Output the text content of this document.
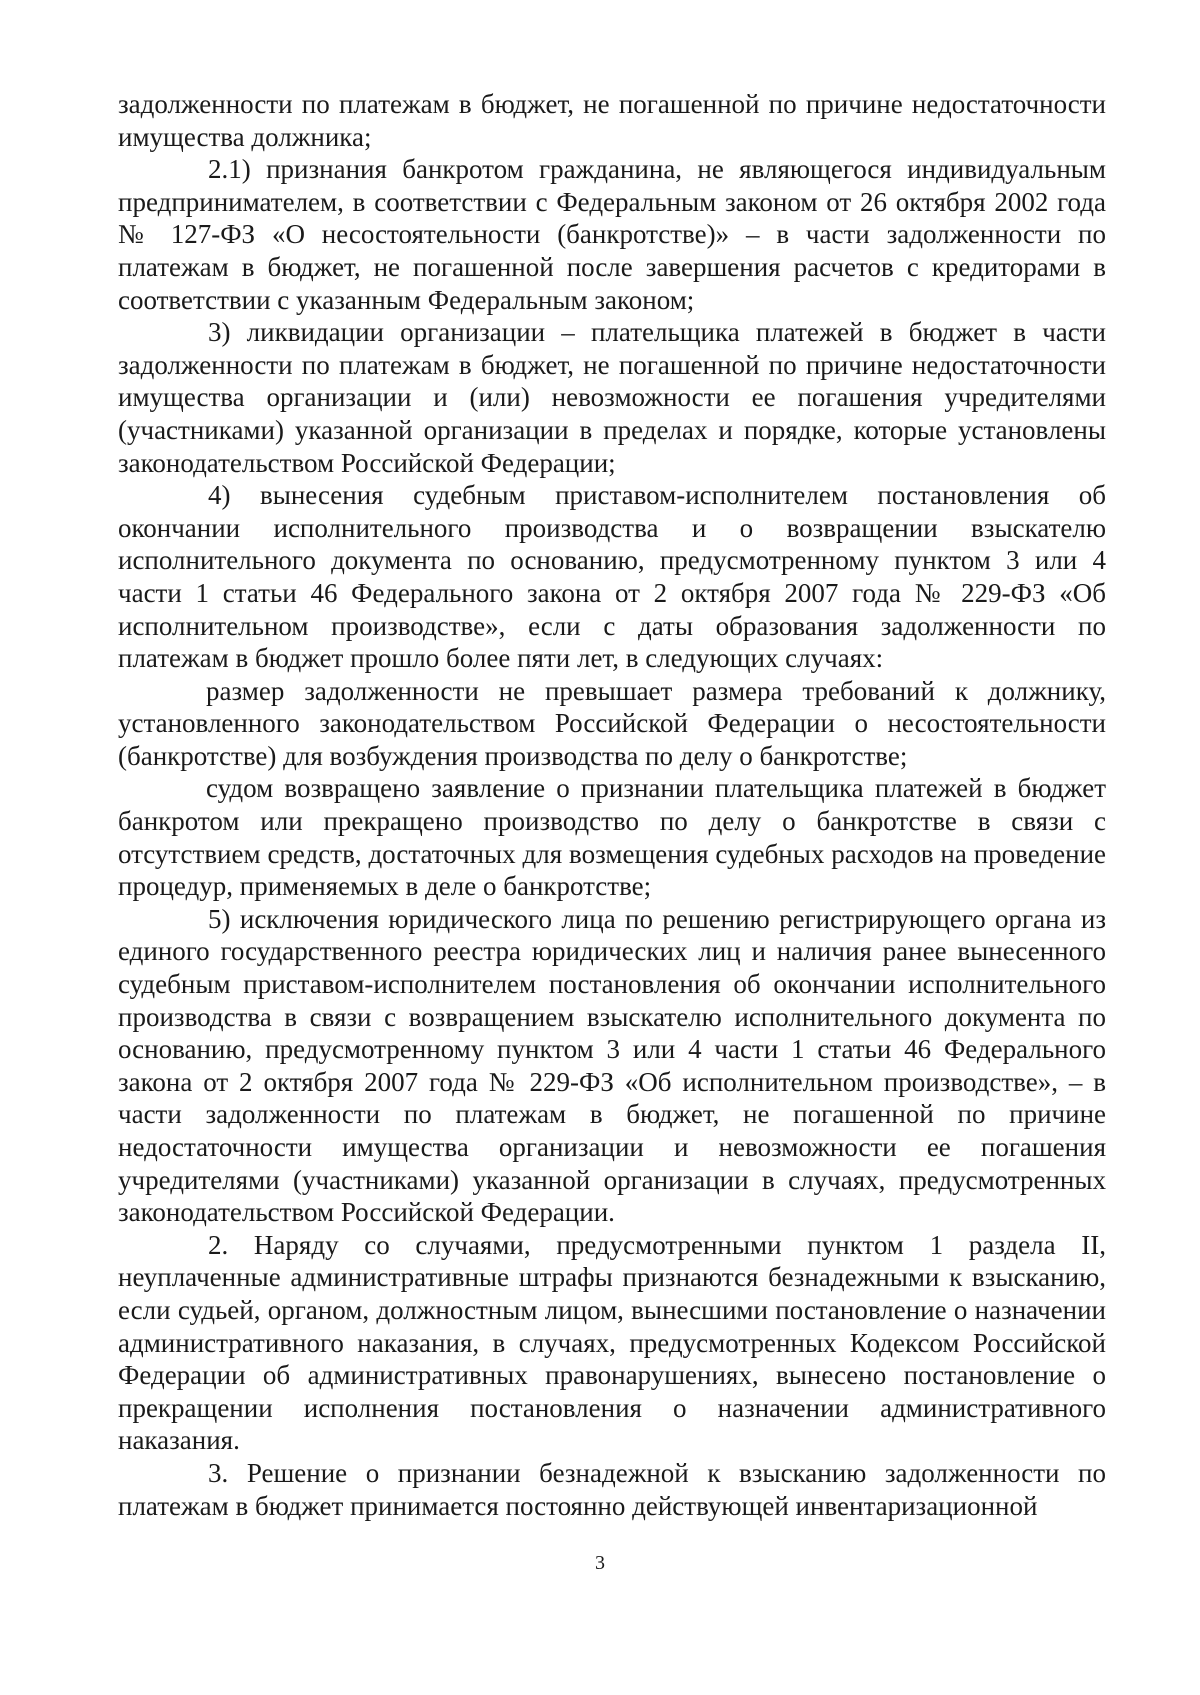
задолженности по платежам в бюджет, не погашенной по причине недостаточности имущества должника;

2.1) признания банкротом гражданина, не являющегося индивидуальным предпринимателем, в соответствии с Федеральным законом от 26 октября 2002 года № 127-ФЗ «О несостоятельности (банкротстве)» – в части задолженности по платежам в бюджет, не погашенной после завершения расчетов с кредиторами в соответствии с указанным Федеральным законом;

3) ликвидации организации – плательщика платежей в бюджет в части задолженности по платежам в бюджет, не погашенной по причине недостаточности имущества организации и (или) невозможности ее погашения учредителями (участниками) указанной организации в пределах и порядке, которые установлены законодательством Российской Федерации;

4) вынесения судебным приставом-исполнителем постановления об окончании исполнительного производства и о возвращении взыскателю исполнительного документа по основанию, предусмотренному пунктом 3 или 4 части 1 статьи 46 Федерального закона от 2 октября 2007 года № 229-ФЗ «Об исполнительном производстве», если с даты образования задолженности по платежам в бюджет прошло более пяти лет, в следующих случаях:

размер задолженности не превышает размера требований к должнику, установленного законодательством Российской Федерации о несостоятельности (банкротстве) для возбуждения производства по делу о банкротстве;

судом возвращено заявление о признании плательщика платежей в бюджет банкротом или прекращено производство по делу о банкротстве в связи с отсутствием средств, достаточных для возмещения судебных расходов на проведение процедур, применяемых в деле о банкротстве;

5) исключения юридического лица по решению регистрирующего органа из единого государственного реестра юридических лиц и наличия ранее вынесенного судебным приставом-исполнителем постановления об окончании исполнительного производства в связи с возвращением взыскателю исполнительного документа по основанию, предусмотренному пунктом 3 или 4 части 1 статьи 46 Федерального закона от 2 октября 2007 года № 229-ФЗ «Об исполнительном производстве», – в части задолженности по платежам в бюджет, не погашенной по причине недостаточности имущества организации и невозможности ее погашения учредителями (участниками) указанной организации в случаях, предусмотренных законодательством Российской Федерации.

2. Наряду со случаями, предусмотренными пунктом 1 раздела II, неуплаченные административные штрафы признаются безнадежными к взысканию, если судьей, органом, должностным лицом, вынесшими постановление о назначении административного наказания, в случаях, предусмотренных Кодексом Российской Федерации об административных правонарушениях, вынесено постановление о прекращении исполнения постановления о назначении административного наказания.

3. Решение о признании безнадежной к взысканию задолженности по платежам в бюджет принимается постоянно действующей инвентаризационной

3
